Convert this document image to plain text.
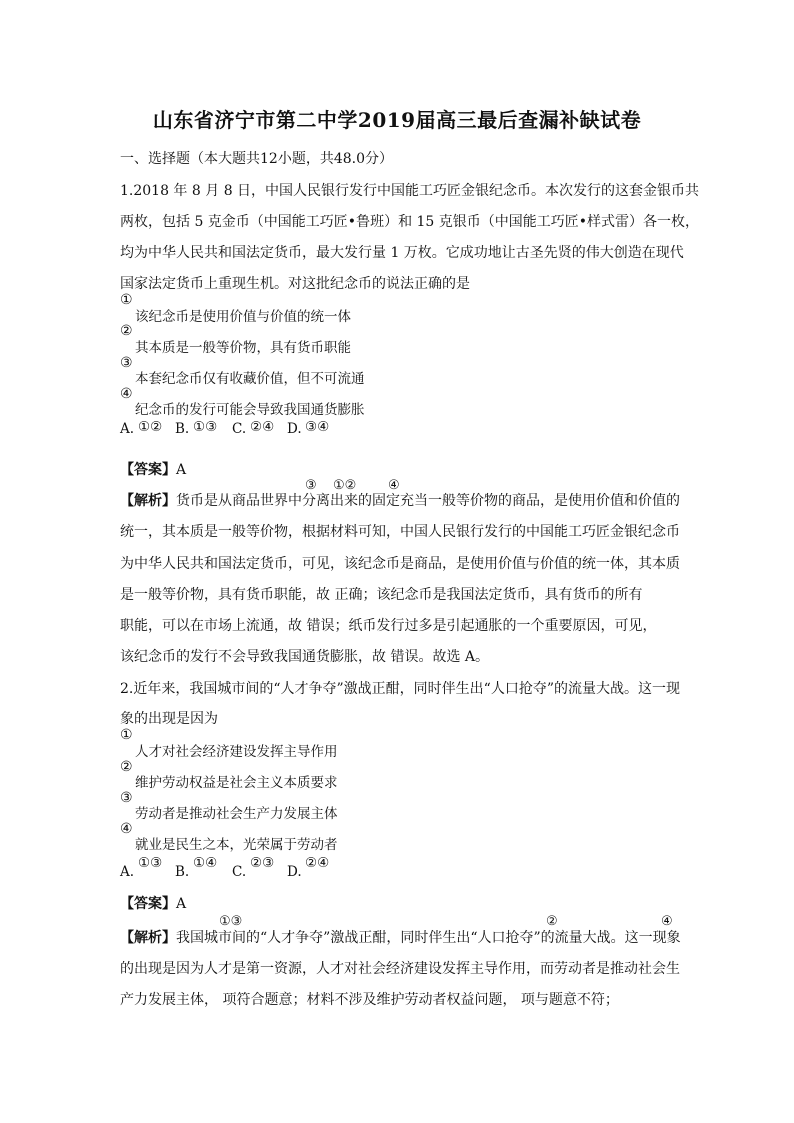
山东省济宁市第二中学2019届高三最后查漏补缺试卷
一、选择题（本大题共12小题，共48.0分）
1.2018 年 8 月 8 日，中国人民银行发行中国能工巧匠金银纪念币。本次发行的这套金银币共
两枚，包括 5 克金币（中国能工巧匠•鲁班）和 15 克银币（中国能工巧匠•样式雷）各一枚，
均为中华人民共和国法定货币，最大发行量 1 万枚。它成功地让古圣先贤的伟大创造在现代
国家法定货币上重现生机。对这批纪念币的说法正确的是
①
该纪念币是使用价值与价值的统一体
②
其本质是一般等价物，具有货币职能
③
本套纪念币仅有收藏价值，但不可流通
④
纪念币的发行可能会导致我国通货膨胀
A. ①② B. ①③ C. ②④ D. ③④
【答案】A
③ ①② ④
【解析】货币是从商品世界中分离出来的固定充当一般等价物的商品，是使用价值和价值的
统一，其本质是一般等价物，根据材料可知，中国人民银行发行的中国能工巧匠金银纪念币
为中华人民共和国法定货币，可见，该纪念币是商品，是使用价值与价值的统一体，其本质
是一般等价物，具有货币职能，故 正确；该纪念币是我国法定货币，具有货币的所有
职能，可以在市场上流通，故 错误；纸币发行过多是引起通胀的一个重要原因，可见，
该纪念币的发行不会导致我国通货膨胀，故 错误。故选 A。
2.近年来，我国城市间的“人才争夺”激战正酣，同时伴生出“人口抢夺”的流量大战。这一现
象的出现是因为
①
人才对社会经济建设发挥主导作用
②
维护劳动权益是社会主义本质要求
③
劳动者是推动社会生产力发展主体
④
就业是民生之本，光荣属于劳动者
A.
①③
B.
①④
C.
②③
D.
②④
【答案】A
①③	②	④
【解析】我国城市间的“人才争夺”激战正酣，同时伴生出“人口抢夺”的流量大战。这一现象
的出现是因为人才是第一资源，人才对社会经济建设发挥主导作用，而劳动者是推动社会生
产力发展主体， 项符合题意；材料不涉及维护劳动者权益问题， 项与题意不符；
